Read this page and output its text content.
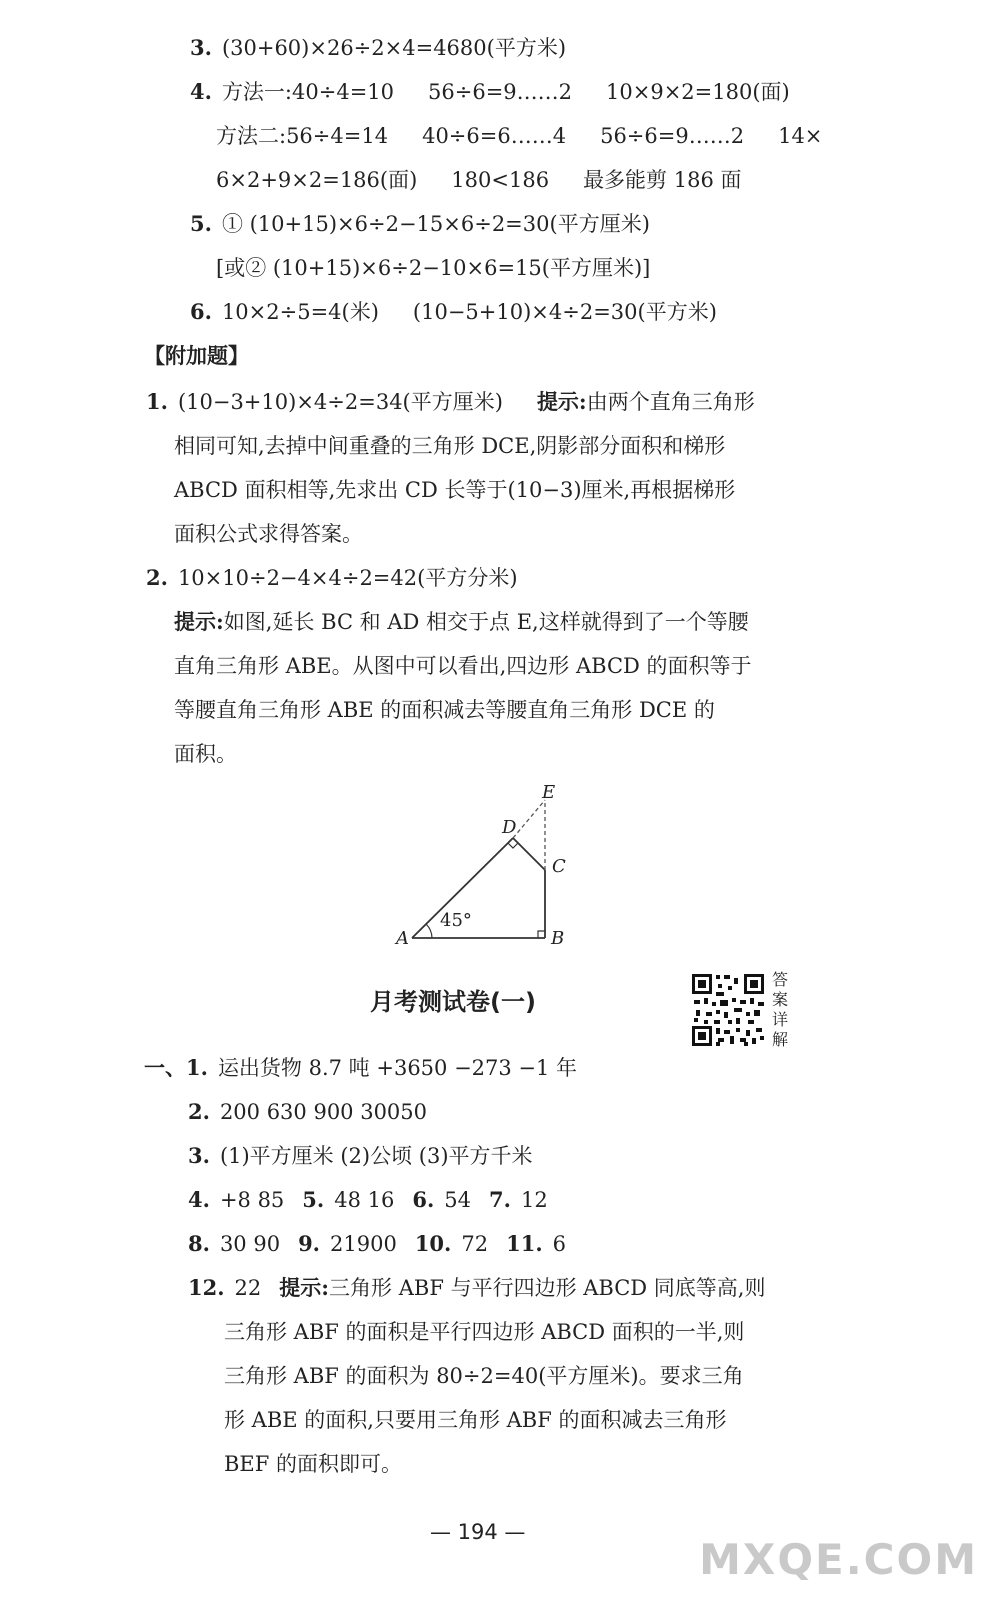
3. (30+60)×26÷2×4=4680(平方米)
4. 方法一:40÷4=10 56÷6=9……2 10×9×2=180(面)
方法二:56÷4=14 40÷6=6……4 56÷6=9……2 14×
6×2+9×2=186(面) 180<186 最多能剪 186 面
5. ① (10+15)×6÷2−15×6÷2=30(平方厘米)
[或② (10+15)×6÷2−10×6=15(平方厘米)]
6. 10×2÷5=4(米) (10−5+10)×4÷2=30(平方米)
【附加题】
1. (10−3+10)×4÷2=34(平方厘米) 提示:由两个直角三角形
相同可知,去掉中间重叠的三角形 DCE,阴影部分面积和梯形
ABCD 面积相等,先求出 CD 长等于(10−3)厘米,再根据梯形
面积公式求得答案。
2. 10×10÷2−4×4÷2=42(平方分米)
提示:如图,延长 BC 和 AD 相交于点 E,这样就得到了一个等腰
直角三角形 ABE。从图中可以看出,四边形 ABCD 的面积等于
等腰直角三角形 ABE 的面积减去等腰直角三角形 DCE 的
面积。
45°
A	B
C
D
E
月考测试卷(一)
答案详解
一、1. 运出货物 8.7 吨 +3650 −273 −1 年
2. 200 630 900 30050
3. (1)平方厘米 (2)公顷 (3)平方千米
4. +8 85 5. 48 16 6. 54 7. 12
8. 30 90 9. 21900 10. 72 11. 6
12. 22 提示:三角形 ABF 与平行四边形 ABCD 同底等高,则
三角形 ABF 的面积是平行四边形 ABCD 面积的一半,则
三角形 ABF 的面积为 80÷2=40(平方厘米)。要求三角
形 ABE 的面积,只要用三角形 ABF 的面积减去三角形
BEF 的面积即可。
— 194 —
MXQE.COM
